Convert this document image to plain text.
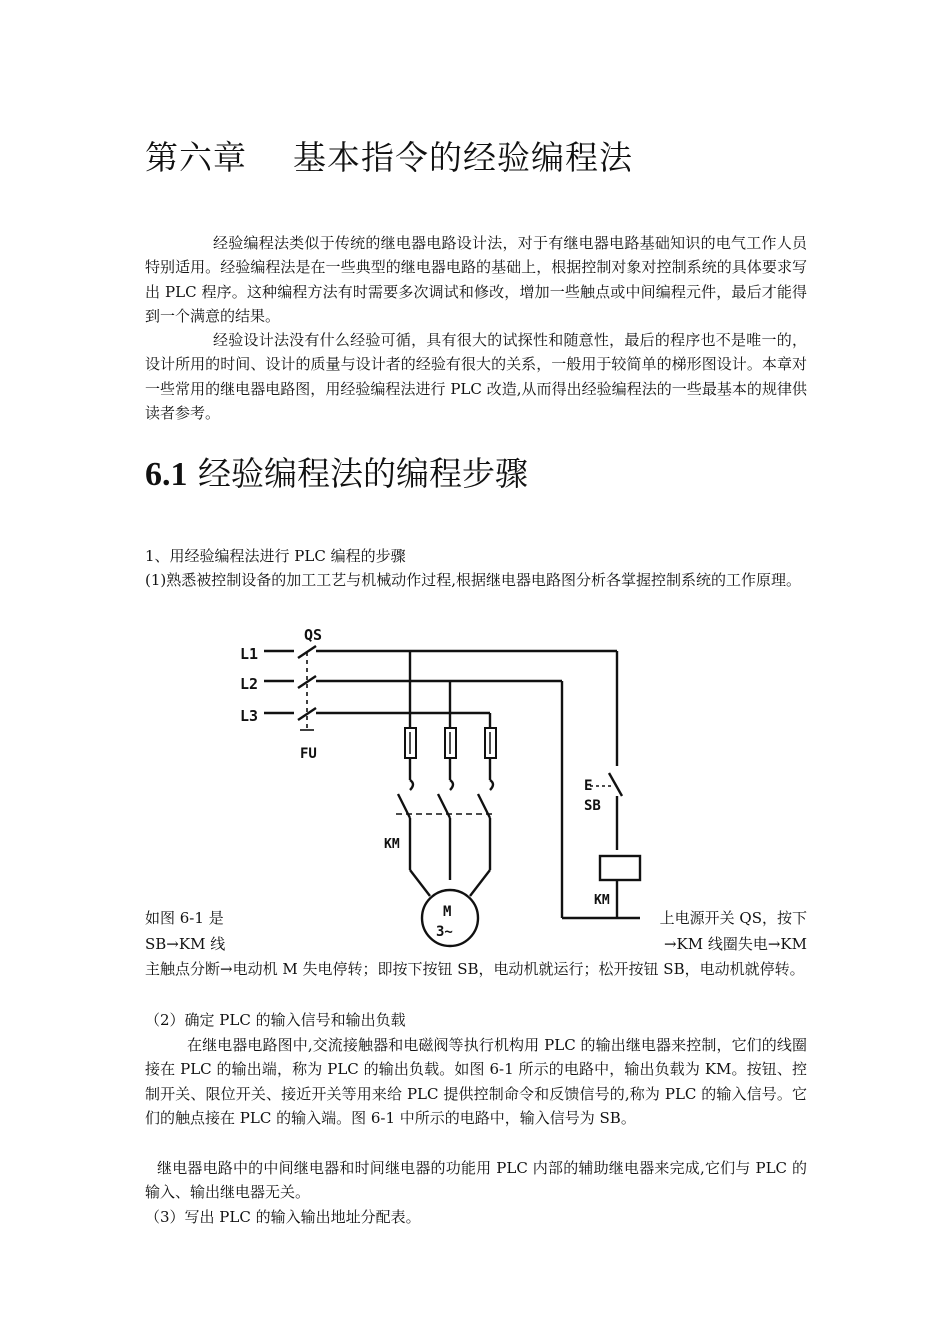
第六章    基本指令的经验编程法

经验编程法类似于传统的继电器电路设计法，对于有继电器电路基础知识的电气工作人员特别适用。经验编程法是在一些典型的继电器电路的基础上，根据控制对象对控制系统的具体要求写出 PLC 程序。这种编程方法有时需要多次调试和修改，增加一些触点或中间编程元件，最后才能得到一个满意的结果。

经验设计法没有什么经验可循，具有很大的试探性和随意性，最后的程序也不是唯一的，设计所用的时间、设计的质量与设计者的经验有很大的关系，一般用于较简单的梯形图设计。本章对一些常用的继电器电路图，用经验编程法进行 PLC 改造,从而得出经验编程法的一些最基本的规律供读者参考。

6.1 经验编程法的编程步骤

1、用经验编程法进行 PLC 编程的步骤

(1)熟悉被控制设备的加工工艺与机械动作过程,根据继电器电路图分析各掌握控制系统的工作原理。

如图 6-1 是	上电源开关 QS，按下
SB→KM 线	→KM 线圈失电→KM

主触点分断→电动机 M 失电停转；即按下按钮 SB，电动机就运行；松开按钮 SB，电动机就停转。

L1
L2
L3
QS
FU
KM
E
SB
KM
M
3~

（2）确定 PLC 的输入信号和输出负载

在继电器电路图中,交流接触器和电磁阀等执行机构用 PLC 的输出继电器来控制，它们的线圈接在 PLC 的输出端，称为 PLC 的输出负载。如图 6-1 所示的电路中，输出负载为 KM。按钮、控制开关、限位开关、接近开关等用来给 PLC 提供控制命令和反馈信号的,称为 PLC 的输入信号。它们的触点接在 PLC 的输入端。图 6-1 中所示的电路中，输入信号为 SB。

继电器电路中的中间继电器和时间继电器的功能用 PLC 内部的辅助继电器来完成,它们与 PLC 的输入、输出继电器无关。

（3）写出 PLC 的输入输出地址分配表。
